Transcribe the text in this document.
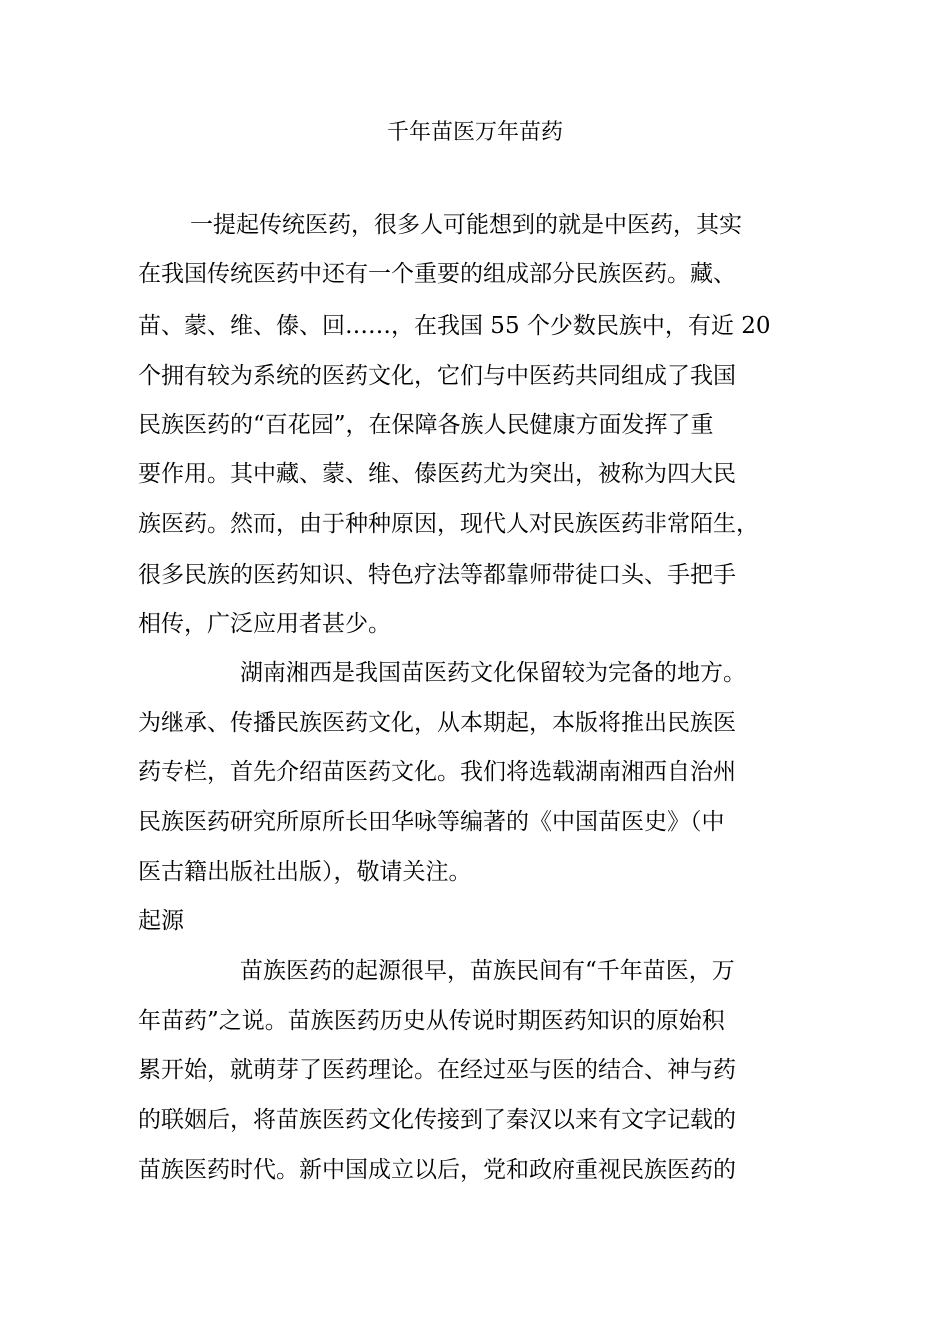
千年苗医万年苗药
一提起传统医药，很多人可能想到的就是中医药，其实
在我国传统医药中还有一个重要的组成部分民族医药。藏、
苗、蒙、维、傣、回……，在我国 55 个少数民族中，有近 20
个拥有较为系统的医药文化，它们与中医药共同组成了我国
民族医药的“百花园”，在保障各族人民健康方面发挥了重
要作用。其中藏、蒙、维、傣医药尤为突出，被称为四大民
族医药。然而，由于种种原因，现代人对民族医药非常陌生，
很多民族的医药知识、特色疗法等都靠师带徒口头、手把手
相传，广泛应用者甚少。
湖南湘西是我国苗医药文化保留较为完备的地方。
为继承、传播民族医药文化，从本期起，本版将推出民族医
药专栏，首先介绍苗医药文化。我们将选载湖南湘西自治州
民族医药研究所原所长田华咏等编著的《中国苗医史》（中
医古籍出版社出版），敬请关注。
起源
苗族医药的起源很早，苗族民间有“千年苗医，万
年苗药”之说。苗族医药历史从传说时期医药知识的原始积
累开始，就萌芽了医药理论。在经过巫与医的结合、神与药
的联姻后，将苗族医药文化传接到了秦汉以来有文字记载的
苗族医药时代。新中国成立以后，党和政府重视民族医药的
